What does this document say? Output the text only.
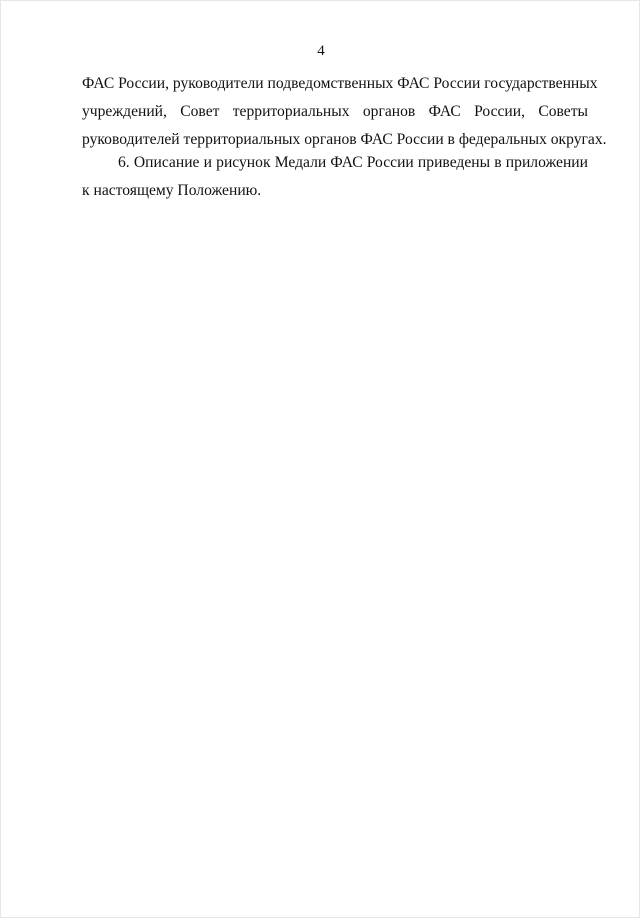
4
ФАС России, руководители подведомственных ФАС России государственных
учреждений, Совет территориальных органов ФАС России, Советы
руководителей территориальных органов ФАС России в федеральных округах.
6. Описание и рисунок Медали ФАС России приведены в приложении
к настоящему Положению.
